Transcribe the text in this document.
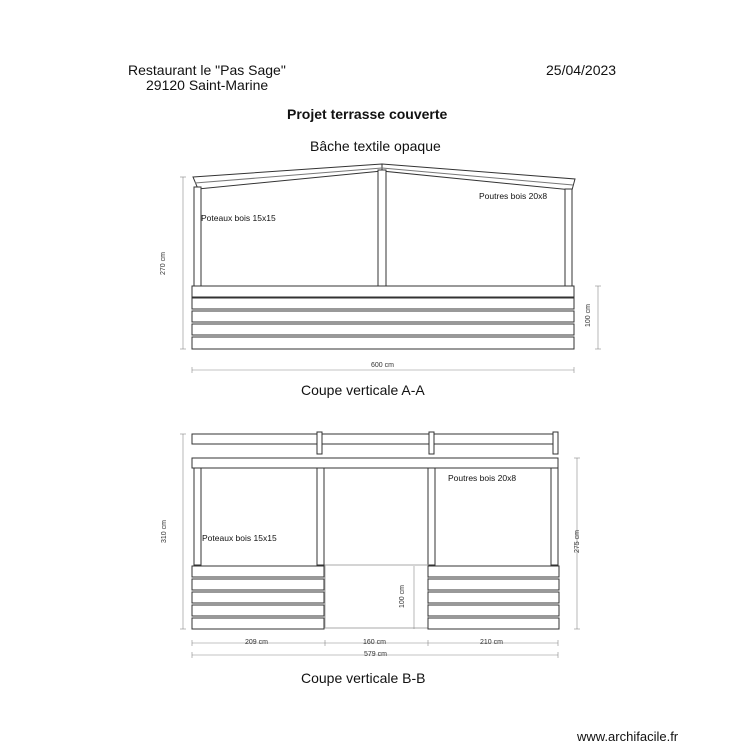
Restaurant le "Pas Sage"
29120 Saint-Marine
25/04/2023
Projet terrasse couverte
Bâche textile opaque
Poteaux bois 15x15
Poutres bois 20x8
270 cm
100 cm
600 cm
Coupe verticale A-A
Poutres bois 20x8
Poteaux bois 15x15
310 cm	275 cm
100 cm
209 cm	160 cm	210 cm
579 cm
Coupe verticale B-B
www.archifacile.fr
